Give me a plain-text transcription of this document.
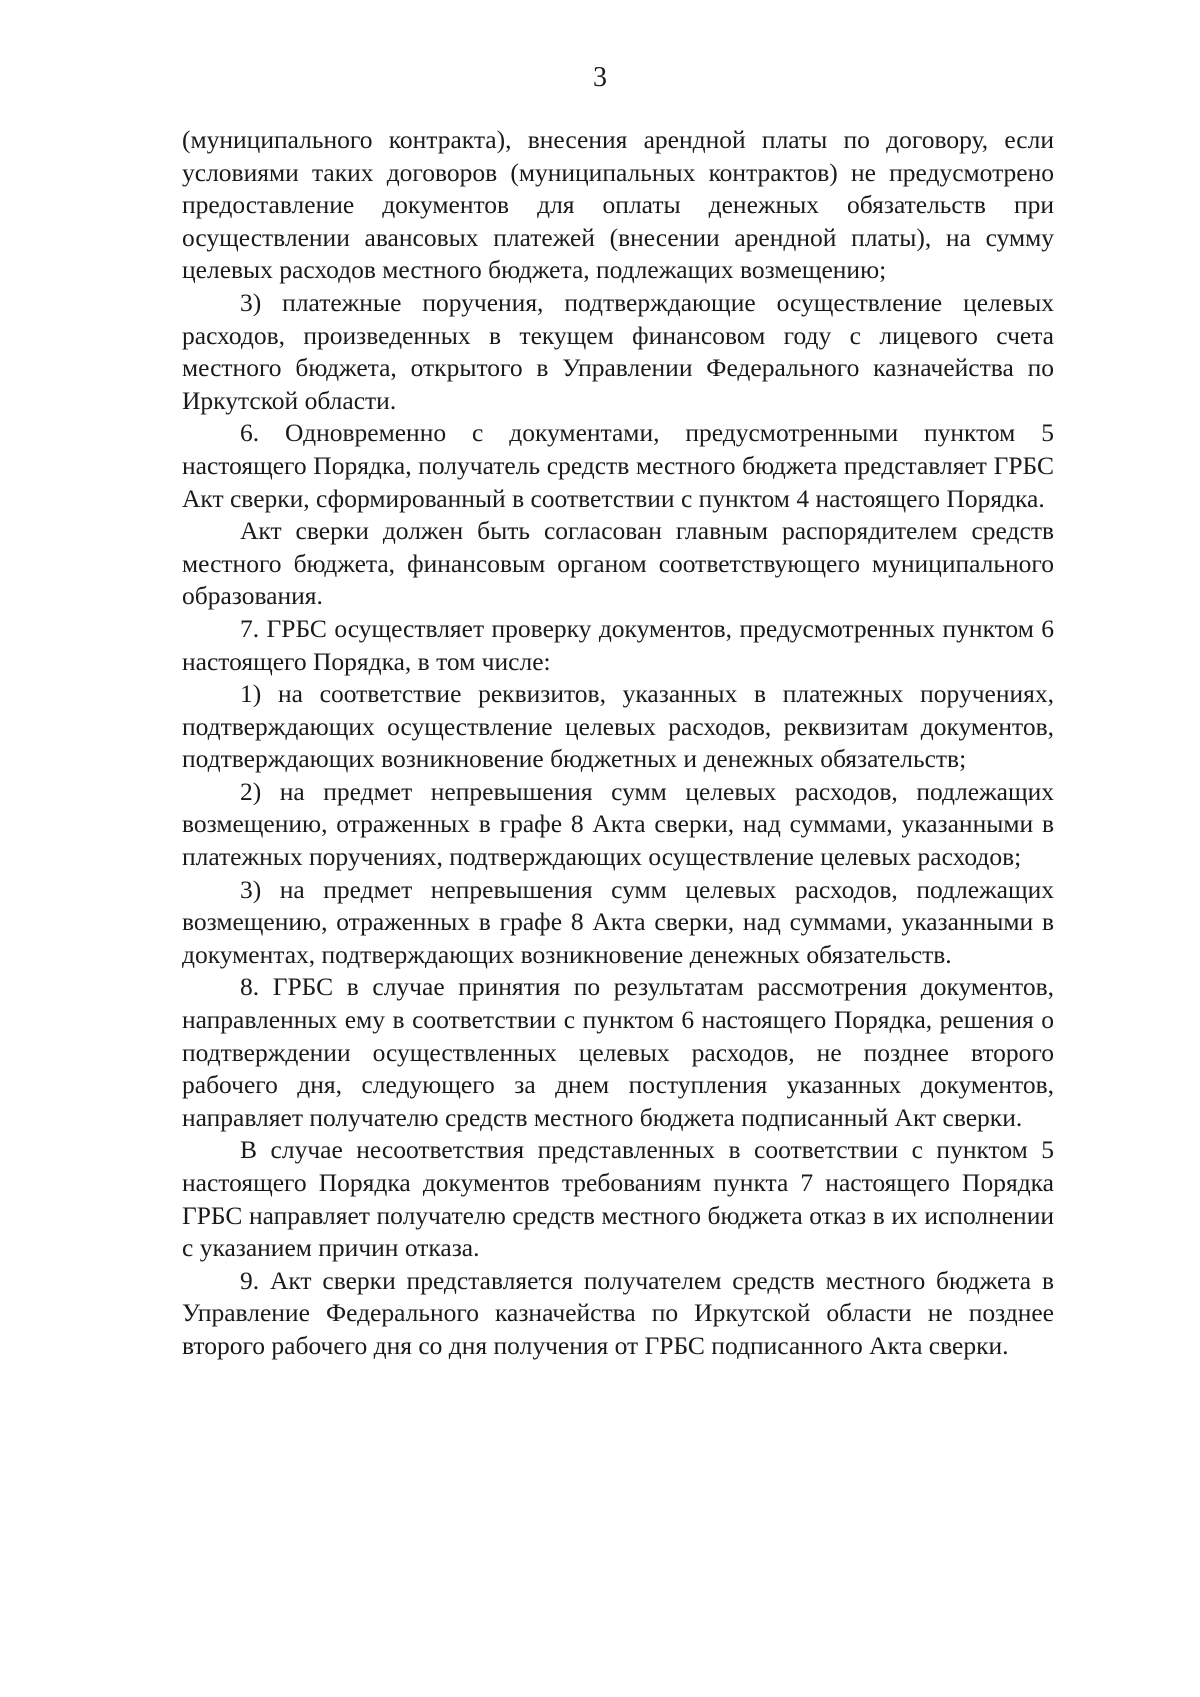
3

(муниципального контракта), внесения арендной платы по договору, если условиями таких договоров (муниципальных контрактов) не предусмотрено предоставление документов для оплаты денежных обязательств при осуществлении авансовых платежей (внесении арендной платы), на сумму целевых расходов местного бюджета, подлежащих возмещению;

3) платежные поручения, подтверждающие осуществление целевых расходов, произведенных в текущем финансовом году с лицевого счета местного бюджета, открытого в Управлении Федерального казначейства по Иркутской области.

6. Одновременно с документами, предусмотренными пунктом 5 настоящего Порядка, получатель средств местного бюджета представляет ГРБС Акт сверки, сформированный в соответствии с пунктом 4 настоящего Порядка.

Акт сверки должен быть согласован главным распорядителем средств местного бюджета, финансовым органом соответствующего муниципального образования.

7. ГРБС осуществляет проверку документов, предусмотренных пунктом 6 настоящего Порядка, в том числе:

1) на соответствие реквизитов, указанных в платежных поручениях, подтверждающих осуществление целевых расходов, реквизитам документов, подтверждающих возникновение бюджетных и денежных обязательств;

2) на предмет непревышения сумм целевых расходов, подлежащих возмещению, отраженных в графе 8 Акта сверки, над суммами, указанными в платежных поручениях, подтверждающих осуществление целевых расходов;

3) на предмет непревышения сумм целевых расходов, подлежащих возмещению, отраженных в графе 8 Акта сверки, над суммами, указанными в документах, подтверждающих возникновение денежных обязательств.

8. ГРБС в случае принятия по результатам рассмотрения документов, направленных ему в соответствии с пунктом 6 настоящего Порядка, решения о подтверждении осуществленных целевых расходов, не позднее второго рабочего дня, следующего за днем поступления указанных документов, направляет получателю средств местного бюджета подписанный Акт сверки.

В случае несоответствия представленных в соответствии с пунктом 5 настоящего Порядка документов требованиям пункта 7 настоящего Порядка ГРБС направляет получателю средств местного бюджета отказ в их исполнении с указанием причин отказа.

9. Акт сверки представляется получателем средств местного бюджета в Управление Федерального казначейства по Иркутской области не позднее второго рабочего дня со дня получения от ГРБС подписанного Акта сверки.
